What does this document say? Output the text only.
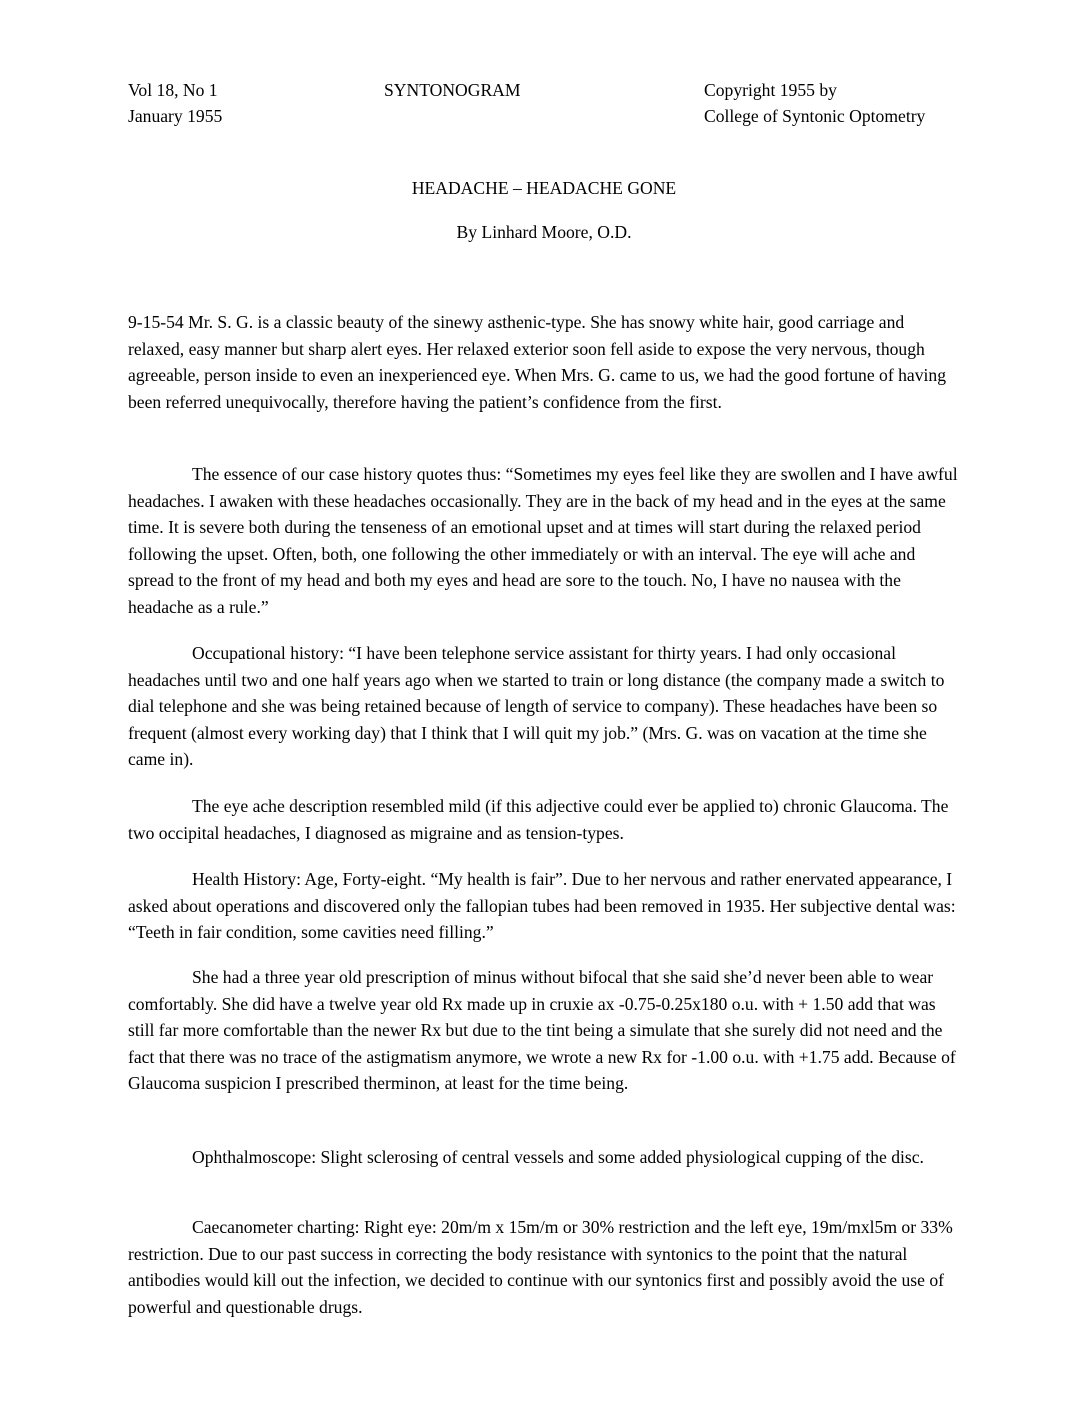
Vol 18, No 1
January 1955
SYNTONOGRAM	Copyright 1955 by
College of Syntonic Optometry
HEADACHE – HEADACHE GONE
By Linhard Moore, O.D.

9-15-54 Mr. S. G. is a classic beauty of the sinewy asthenic-type. She has snowy white hair, good carriage and relaxed, easy manner but sharp alert eyes. Her relaxed exterior soon fell aside to expose the very nervous, though agreeable, person inside to even an inexperienced eye. When Mrs. G. came to us, we had the good fortune of having been referred unequivocally, therefore having the patient’s confidence from the first.

The essence of our case history quotes thus: “Sometimes my eyes feel like they are swollen and I have awful headaches. I awaken with these headaches occasionally. They are in the back of my head and in the eyes at the same time. It is severe both during the tenseness of an emotional upset and at times will start during the relaxed period following the upset. Often, both, one following the other immediately or with an interval. The eye will ache and spread to the front of my head and both my eyes and head are sore to the touch. No, I have no nausea with the headache as a rule.”

Occupational history: “I have been telephone service assistant for thirty years. I had only occasional headaches until two and one half years ago when we started to train or long distance (the company made a switch to dial telephone and she was being retained because of length of service to company). These headaches have been so frequent (almost every working day) that I think that I will quit my job.” (Mrs. G. was on vacation at the time she came in).

The eye ache description resembled mild (if this adjective could ever be applied to) chronic Glaucoma. The two occipital headaches, I diagnosed as migraine and as tension-types.

Health History: Age, Forty-eight. “My health is fair”. Due to her nervous and rather enervated appearance, I asked about operations and discovered only the fallopian tubes had been removed in 1935. Her subjective dental was: “Teeth in fair condition, some cavities need filling.”

She had a three year old prescription of minus without bifocal that she said she’d never been able to wear comfortably. She did have a twelve year old Rx made up in cruxie ax -0.75-0.25x180 o.u. with + 1.50 add that was still far more comfortable than the newer Rx but due to the tint being a simulate that she surely did not need and the fact that there was no trace of the astigmatism anymore, we wrote a new Rx for -1.00 o.u. with +1.75 add. Because of Glaucoma suspicion I prescribed therminon, at least for the time being.

Ophthalmoscope: Slight sclerosing of central vessels and some added physiological cupping of the disc.

Caecanometer charting: Right eye: 20m/m x 15m/m or 30% restriction and the left eye, 19m/mxl5m or 33% restriction. Due to our past success in correcting the body resistance with syntonics to the point that the natural antibodies would kill out the infection, we decided to continue with our syntonics first and possibly avoid the use of powerful and questionable drugs.
